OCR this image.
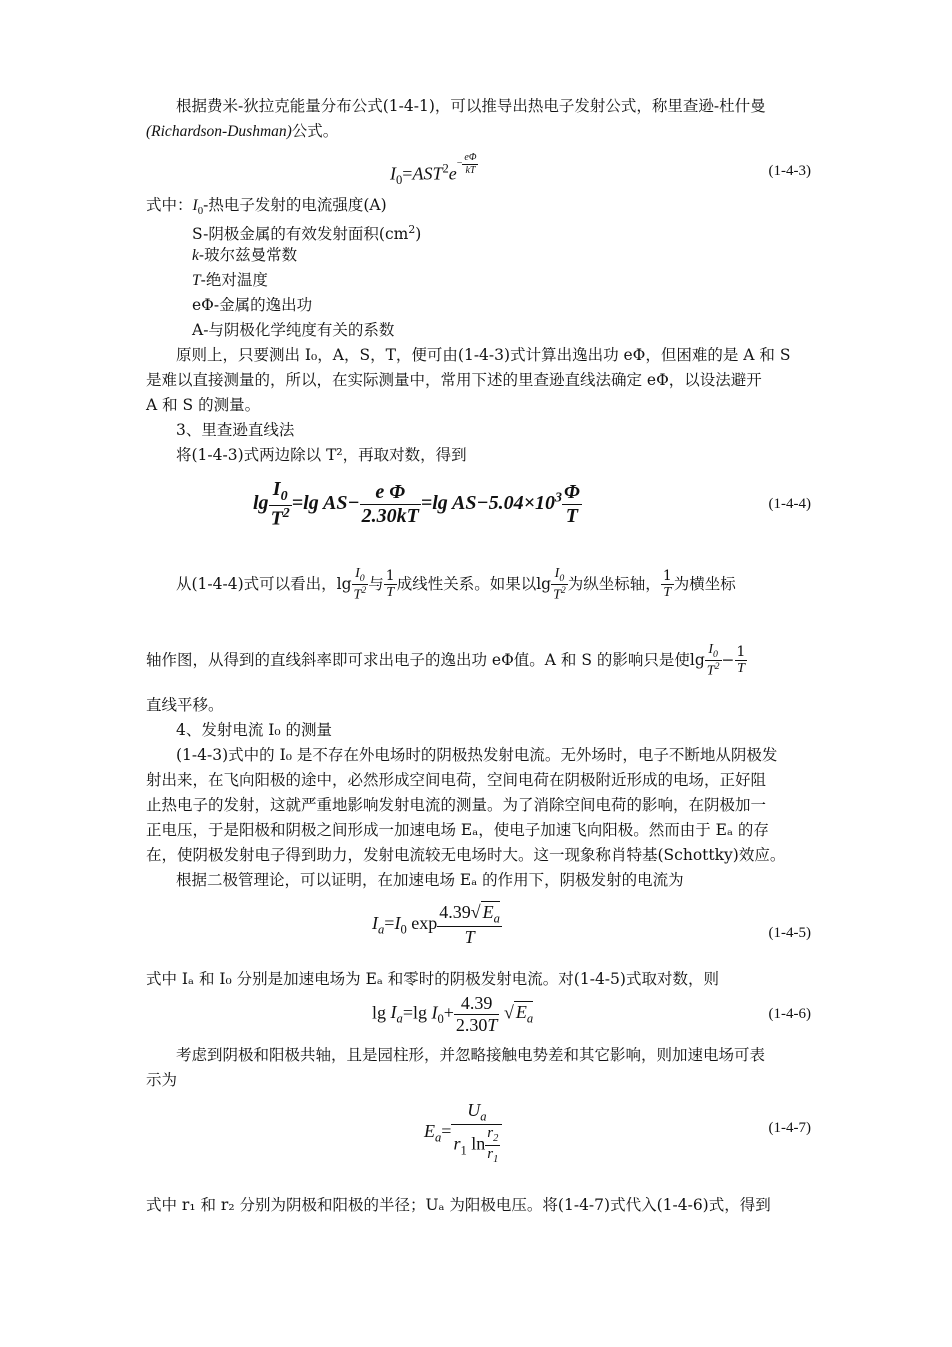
根据费米-狄拉克能量分布公式(1-4-1)，可以推导出热电子发射公式，称里查逊-杜什曼
(Richardson-Dushman)公式。
$I_0=AST^2e^{- \frac{e\Phi}{kT}}$	(1-4-3)
式中：$I_0-$热电子发射的电流强度(A)
S-阴极金属的有效发射面积$(cm^2)$
k-玻尔兹曼常数
T-绝对温度
eΦ-金属的逸出功
A-与阴极化学纯度有关的系数
原则上，只要测出 I₀，A，S，T，便可由(1-4-3)式计算出逸出功 eΦ，但困难的是 A 和 S
是难以直接测量的，所以，在实际测量中，常用下述的里查逊直线法确定 eΦ，以设法避开
A 和 S 的测量。
3、里查逊直线法
将(1-4-3)式两边除以 T²，再取对数，得到
$\lg \frac{I_0}{T^2} =\lg$ $AS- \frac{\text{e Φ}}{2.30kT} =\lg$ $AS-5.04\times 10^3 \frac{\Phi}{T}$	(1-4-4)
从(1-4-4)式可以看出，$\lg \frac{I_0}{T^2}$ 与 $\frac{1}{T}$ 成线性关系。如果以$\lg \frac{I_0}{T^2}$ 为纵坐标轴， $\frac{1}{T}$ 为横坐标
轴作图，从得到的直线斜率即可求出电子的逸出功 eΦ值。A 和 S 的影响只是使$\lg \frac{I_0}{T^2} - \frac{1}{T}$
直线平移。
4、发射电流 I₀ 的测量
(1-4-3)式中的 I₀ 是不存在外电场时的阴极热发射电流。无外场时，电子不断地从阴极发
射出来，在飞向阳极的途中，必然形成空间电荷，空间电荷在阴极附近形成的电场，正好阻
止热电子的发射，这就严重地影响发射电流的测量。为了消除空间电荷的影响，在阴极加一
正电压，于是阳极和阴极之间形成一加速电场 Eₐ，使电子加速飞向阳极。然而由于 Eₐ 的存
在，使阴极发射电子得到助力，发射电流较无电场时大。这一现象称肖特基(Schottky)效应。
根据二极管理论，可以证明，在加速电场 Eₐ 的作用下，阴极发射的电流为
$I_a=I_0$ $\exp \frac{4.39√ E_a}{T}$	(1-4-5)
式中 Iₐ 和 I₀ 分别是加速电场为 Eₐ 和零时的阴极发射电流。对(1-4-5)式取对数，则
$\lg I_a=\lg$ $I_0+ \frac{4.39}{2.30T}$ √ $E_a$	(1-4-6)
考虑到阴极和阳极共轴，且是园柱形，并忽略接触电势差和其它影响，则加速电场可表
示为
$E_a= \frac{U_a}{r_1 \ln \frac{r_2}{r_1}}$	(1-4-7)
式中 r₁ 和 r₂ 分别为阴极和阳极的半径；Uₐ 为阳极电压。将(1-4-7)式代入(1-4-6)式，得到
